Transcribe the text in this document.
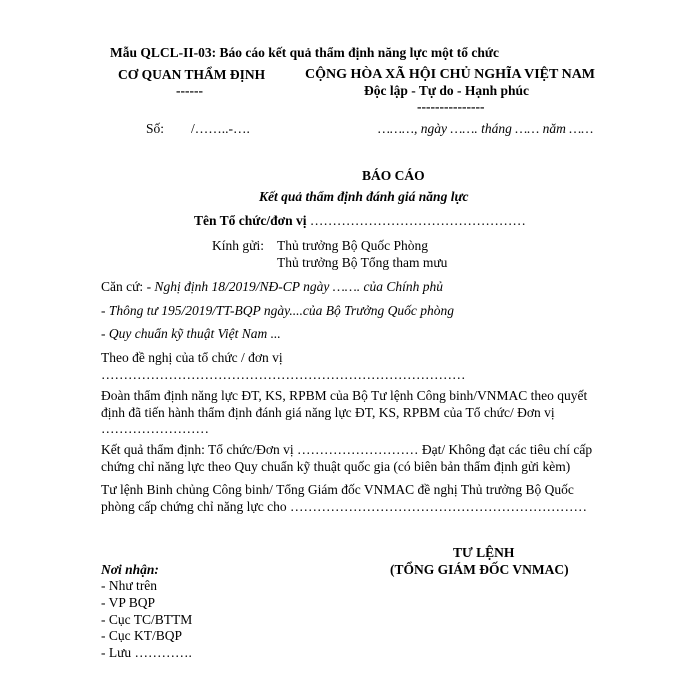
Mẫu QLCL-II-03: Báo cáo kết quả thẩm định năng lực một tổ chức
CƠ QUAN THẨM ĐỊNH
------
CỘNG HÒA XÃ HỘI CHỦ NGHĨA VIỆT NAM
Độc lập - Tự do - Hạnh phúc
---------------
Số:        /……..-….	………, ngày ……. tháng …… năm ……
BÁO CÁO
Kết quả thẩm định đánh giá năng lực
Tên Tổ chức/đơn vị …………………………………………
Kính gửi: Thủ trưởng Bộ Quốc Phòng
Thủ trưởng Bộ Tổng tham mưu
Căn cứ: - Nghị định 18/2019/NĐ-CP ngày ……. của Chính phủ
- Thông tư 195/2019/TT-BQP ngày....của Bộ Trưởng Quốc phòng
- Quy chuẩn kỹ thuật Việt Nam ...
Theo đề nghị của tổ chức / đơn vị
………………………………………………………………………
Đoàn thẩm định năng lực ĐT, KS, RPBM của Bộ Tư lệnh Công binh/VNMAC theo quyết
định đã tiến hành thẩm định đánh giá năng lực ĐT, KS, RPBM của Tổ chức/ Đơn vị
……………………
Kết quả thẩm định: Tổ chức/Đơn vị ……………………… Đạt/ Không đạt các tiêu chí cấp
chứng chỉ năng lực theo Quy chuẩn kỹ thuật quốc gia (có biên bản thẩm định gửi kèm)
Tư lệnh Binh chủng Công binh/ Tổng Giám đốc VNMAC đề nghị Thủ trưởng Bộ Quốc
phòng cấp chứng chỉ năng lực cho …………………………………………………………
TƯ LỆNH
(TỔNG GIÁM ĐỐC VNMAC)
Nơi nhận:
- Như trên
- VP BQP
- Cục TC/BTTM
- Cục KT/BQP
- Lưu ………….
